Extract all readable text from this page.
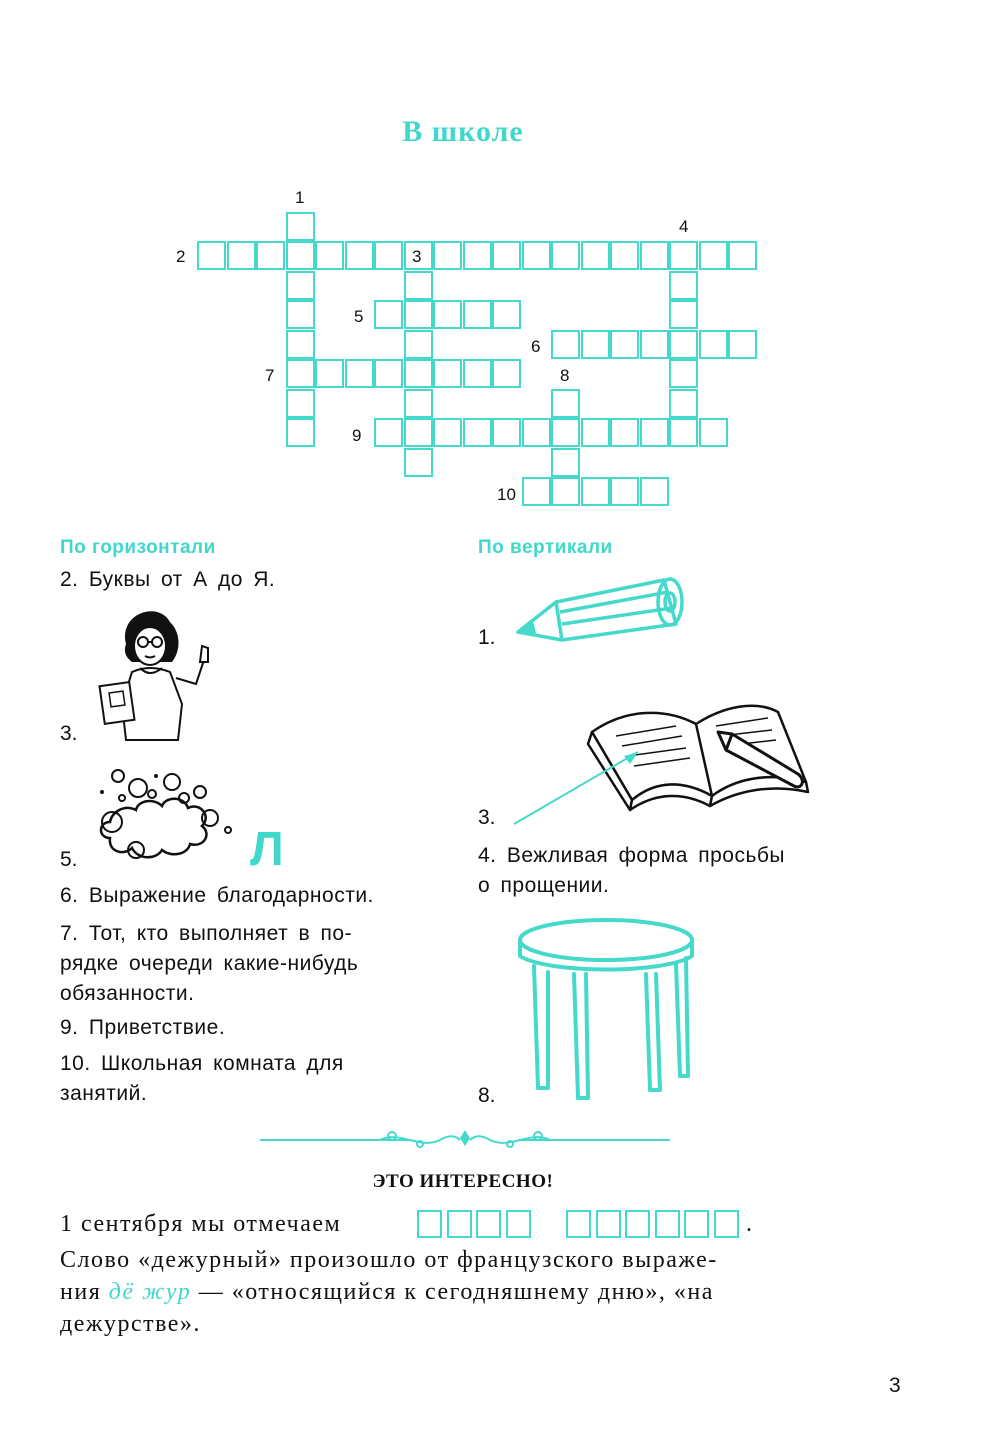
В школе
1
2	3
4
5
6
7	8
9
10
По горизонтали
2. Буквы от А до Я.
3.
5.	Л
6. Выражение благодарности.
7. Тот, кто выполняет в по-
рядке очереди какие-нибудь
обязанности.
9. Приветствие.
10. Школьная комната для
занятий.
По вертикали
1.
3.
4. Вежливая форма просьбы
о прощении.
8.
ЭТО ИНТЕРЕСНО!
1 сентября мы отмечаем	.
Слово «дежурный» произошло от французского выраже-
ния дё жур — «относящийся к сегодняшнему дню», «на
дежурстве».
3
